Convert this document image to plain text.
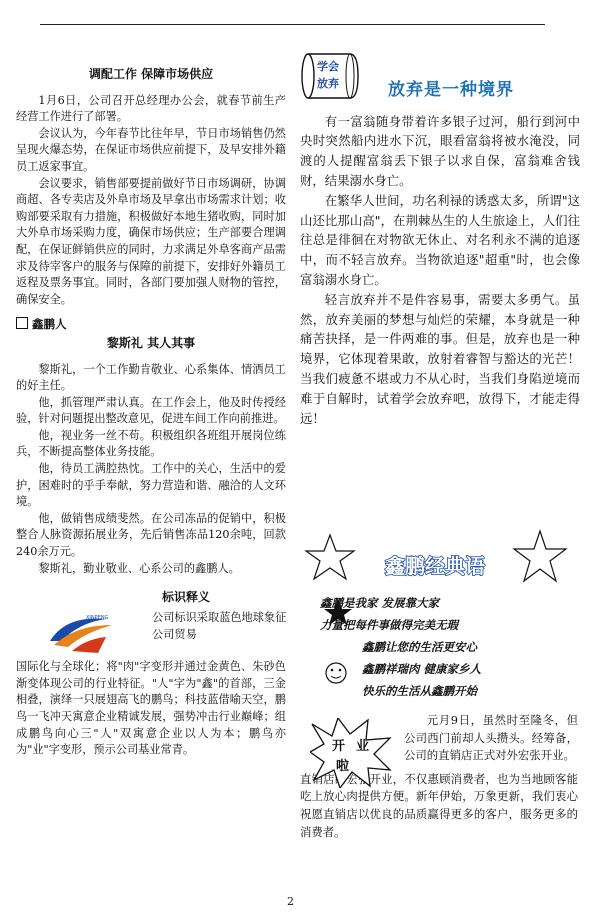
调配工作 保障市场供应

1月6日，公司召开总经理办公会，就春节前生产经营工作进行了部署。

会议认为，今年春节比往年早，节日市场销售仍然呈现火爆态势，在保证市场供应前提下，及早安排外籍员工返家事宜。

会议要求，销售部要提前做好节日市场调研，协调商超、各专卖店及外阜市场及早拿出市场需求计划；收购部要采取有力措施，积极做好本地生猪收购，同时加大外阜市场采购力度，确保市场供应；生产部要合理调配，在保证鲜销供应的同时，力求满足外阜客商产品需求及待宰客户的服务与保障的前提下，安排好外籍员工返程及票务事宜。同时，各部门要加强人财物的管控，确保安全。

鑫鹏人
黎斯礼 其人其事

黎斯礼，一个工作勤肯敬业、心系集体、情洒员工的好主任。

他，抓管理严肃认真。在工作会上，他及时传授经验，针对问题提出整改意见，促进车间工作向前推进。

他，视业务一丝不苟。积极组织各班组开展岗位练兵，不断提高整体业务技能。

他，待员工满腔热忱。工作中的关心，生活中的爱护，困难时的乎手奉献，努力营造和谐、融洽的人文环境。

他，做销售成绩斐然。在公司冻品的促销中，积极整合人脉资源拓展业务，先后销售冻品120余吨，回款240余万元。

黎斯礼，勤业敬业、心系公司的鑫鹏人。

XINPENG
标识释义
公司标识采取蓝色地球象征公司贸易

国际化与全球化；将"肉"字变形并通过金黄色、朱砂色渐变体现公司的行业特征。"人"字为"鑫"的首部，三金相叠，演绎一只展翅高飞的鹏鸟；科技蓝借喻天空，鹏鸟一飞冲天寓意企业精诚发展，强势冲击行业巅峰；组成鹏鸟向心三"人"双寓意企业以人为本；鹏鸟亦为"业"字变形，预示公司基业常青。

学会
放弃	放弃是一种境界

有一富翁随身带着许多银子过河，船行到河中央时突然船内进水下沉，眼看富翁将被水淹没，同渡的人提醒富翁丢下银子以求自保，富翁难舍钱财，结果溺水身亡。

在繁华人世间，功名利禄的诱惑太多，所谓"这山还比那山高"，在荆棘丛生的人生旅途上，人们往往总是徘徊在对物欲无休止、对名利永不满的追逐中，而不轻言放弃。当物欲追逐"超重"时，也会像富翁溺水身亡。

轻言放弃并不是件容易事，需要太多勇气。虽然，放弃美丽的梦想与灿烂的荣耀，本身就是一种痛苦抉择，是一件两难的事。但是，放弃也是一种境界，它体现着果敢，放射着睿智与豁达的光芒！当我们疲惫不堪或力不从心时，当我们身陷逆境而难于自解时，试着学会放弃吧，放得下，才能走得远！

鑫鹏经典语
鑫鹏是我家 发展靠大家
力量把每件事做得完美无瑕
鑫鹏让您的生活更安心
鑫鹏祥瑞肉 健康家乡人
快乐的生活从鑫鹏开始
开 业
啦
元月9日，虽然时至隆冬，但公司西门前却人头攒头。经筹备，公司的直销店正式对外宏张开业。
直销店的宏张开业，不仅惠顾消费者，也为当地顾客能吃上放心肉提供方便。新年伊始，万象更新，我们衷心祝愿直销店以优良的品质赢得更多的客户，服务更多的消费者。
2
